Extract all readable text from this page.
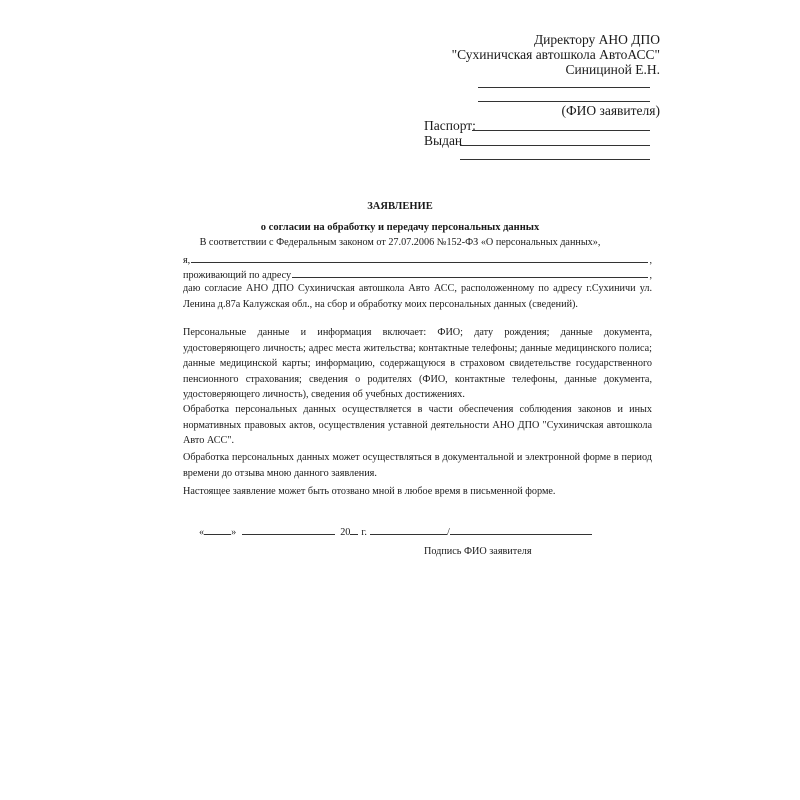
Директору АНО ДПО
"Сухиничская автошкола АвтоАСС"
Синициной Е.Н.
(ФИО заявителя)
Паспорт:
Выдан
ЗАЯВЛЕНИЕ
о согласии на обработку и передачу персональных данных
В соответствии с Федеральным законом от 27.07.2006 №152-ФЗ «О персональных данных»,
я,	,
проживающий по адресу	,
даю согласие АНО ДПО Сухиничская автошкола Авто АСС, расположенному по адресу г.Сухиничи ул. Ленина д.87а Калужская обл., на сбор и обработку моих персональных данных (сведений).
Персональные данные и информация включает: ФИО; дату рождения; данные документа, удостоверяющего личность; адрес места жительства; контактные телефоны; данные медицинского полиса; данные медицинской карты; информацию, содержащуюся в страховом свидетельстве государственного пенсионного страхования; сведения о родителях (ФИО, контактные телефоны, данные документа, удостоверяющего личность), сведения об учебных достижениях.
Обработка персональных данных осуществляется в части обеспечения соблюдения законов и иных нормативных правовых актов, осуществления уставной деятельности АНО ДПО "Сухиничская автошкола Авто АСС".
Обработка персональных данных может осуществляться в документальной и электронной форме в период времени до отзыва мною данного заявления.
Настоящее заявление может быть отозвано мной в любое время в письменной форме.
«	»	20 г.	/
Подпись ФИО заявителя
